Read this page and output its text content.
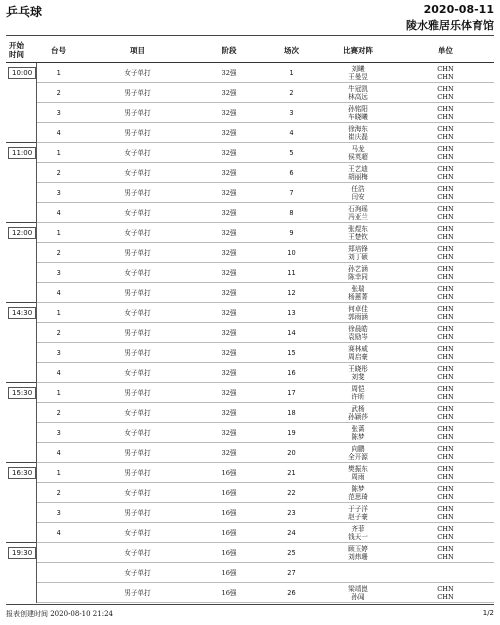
乒乓球	2020-08-11
陵水雅居乐体育馆
开始
时间	台号	项目	阶段	场次	比赛对阵	单位
10:00	1	女子单打	32强	1	刘曦
王曼昱	CHN
CHN

	2	男子单打	32强	2	牛冠凯
林高远	CHN
CHN

	3	男子单打	32强	3	孙铭阳
车晓曦	CHN
CHN

	4	男子单打	32强	4	徐海东
崔庆磊	CHN
CHN

11:00	1	女子单打	32强	5	马龙
侯英超	CHN
CHN

	2	女子单打	32强	6	王艺迪
胡丽梅	CHN
CHN

	3	男子单打	32强	7	任浩
闫安	CHN
CHN

	4	女子单打	32强	8	石洵瑶
冯亚兰	CHN
CHN

12:00	1	女子单打	32强	9	张煜东
王楚钦	CHN
CHN

	2	男子单打	32强	10	郑培锋
刘丁硕	CHN
CHN

	3	女子单打	32强	11	孙艺涵
陈幸同	CHN
CHN

	4	男子单打	32强	12	张瑞
杨蕙菁	CHN
CHN

14:30	1	女子单打	32强	13	何卓佳
郭雨涵	CHN
CHN

	2	男子单打	32强	14	徐晨皓
袁励岑	CHN
CHN

	3	男子单打	32强	15	赛林威
周启豪	CHN
CHN

	4	女子单打	32强	16	王晓彤
刘斐	CHN
CHN

15:30	1	男子单打	32强	17	周恺
许昕	CHN
CHN

	2	女子单打	32强	18	武杨
孙颖莎	CHN
CHN

	3	女子单打	32强	19	张蔷
陈梦	CHN
CHN

	4	男子单打	32强	20	向鹏
全开源	CHN
CHN

16:30	1	男子单打	16强	21	樊振东
周雨	CHN
CHN

	2	女子单打	16强	22	陈梦
范思琦	CHN
CHN

	3	男子单打	16强	23	于子洋
赵子豪	CHN
CHN

	4	女子单打	16强	24	齐菲
钱天一	CHN
CHN

19:30		女子单打	16强	25	顾玉婷
刘炜珊	CHN
CHN

		女子单打	16强	27	

		男子单打	16强	26	梁靖崑
孙闻	CHN
CHN
报表创建时间 2020-08-10 21:24	1/2
